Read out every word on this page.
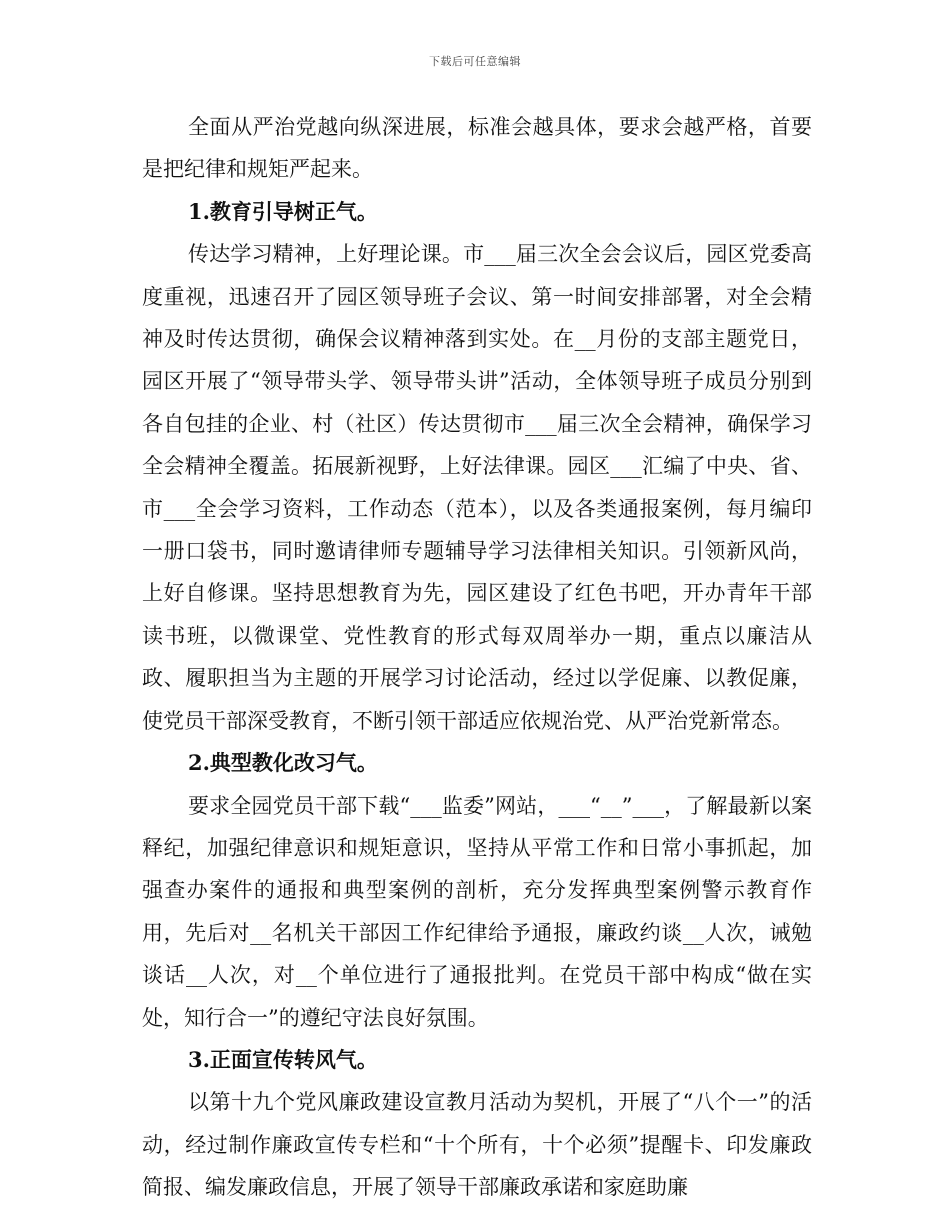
下载后可任意编辑

全面从严治党越向纵深进展，标准会越具体，要求会越严格，首要是把纪律和规矩严起来。

1.教育引导树正气。

传达学习精神，上好理论课。市___届三次全会会议后，园区党委高度重视，迅速召开了园区领导班子会议、第一时间安排部署，对全会精神及时传达贯彻，确保会议精神落到实处。在__月份的支部主题党日，园区开展了“领导带头学、领导带头讲”活动，全体领导班子成员分别到各自包挂的企业、村（社区）传达贯彻市___届三次全会精神，确保学习全会精神全覆盖。拓展新视野，上好法律课。园区___汇编了中央、省、市___全会学习资料，工作动态（范本），以及各类通报案例，每月编印一册口袋书，同时邀请律师专题辅导学习法律相关知识。引领新风尚，上好自修课。坚持思想教育为先，园区建设了红色书吧，开办青年干部读书班，以微课堂、党性教育的形式每双周举办一期，重点以廉洁从政、履职担当为主题的开展学习讨论活动，经过以学促廉、以教促廉，使党员干部深受教育，不断引领干部适应依规治党、从严治党新常态。

2.典型教化改习气。

要求全园党员干部下载“___监委”网站，___“__”___，了解最新以案释纪，加强纪律意识和规矩意识，坚持从平常工作和日常小事抓起，加强查办案件的通报和典型案例的剖析，充分发挥典型案例警示教育作用，先后对__名机关干部因工作纪律给予通报，廉政约谈__人次，诫勉谈话__人次，对__个单位进行了通报批判。在党员干部中构成“做在实处，知行合一”的遵纪守法良好氛围。

3.正面宣传转风气。

以第十九个党风廉政建设宣教月活动为契机，开展了“八个一”的活动，经过制作廉政宣传专栏和“十个所有，十个必须”提醒卡、印发廉政简报、编发廉政信息，开展了领导干部廉政承诺和家庭助廉
